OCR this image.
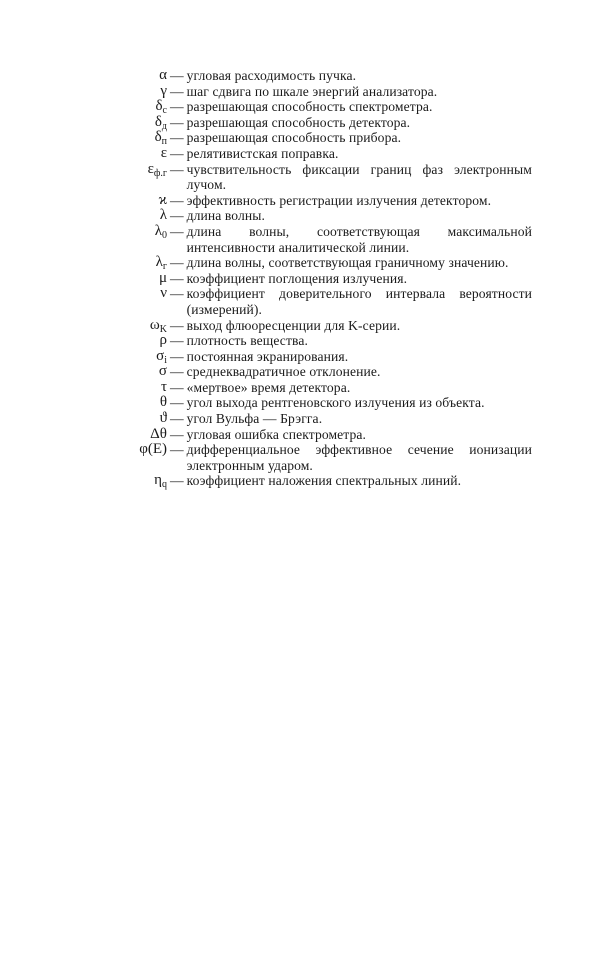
α — угловая расходимость пучка.
γ — шаг сдвига по шкале энергий анализатора.
$\delta_с$ — разрешающая способность спектрометра.
$\delta_д$ — разрешающая способность детектора.
$\delta_п$ — разрешающая способность прибора.
ε — релятивистская поправка.
$\varepsilon_{ф.г}$ — чувствительность фиксации границ фаз электронным лучом.
ϰ — эффективность регистрации излучения детектором.
λ — длина волны.
$\lambda_0$ — длина волны, соответствующая максимальной интенсивности аналитической линии.
$\lambda_г$ — длина волны, соответствующая граничному значению.
μ — коэффициент поглощения излучения.
ν — коэффициент доверительного интервала вероятности (измерений).
$\omega_K$ — выход флюоресценции для K-серии.
ρ — плотность вещества.
$\sigma_i$ — постоянная экранирования.
σ — среднеквадратичное отклонение.
τ — «мертвое» время детектора.
θ — угол выхода рентгеновского излучения из объекта.
ϑ — угол Вульфа — Брэгга.
Δθ — угловая ошибка спектрометра.
φ(E) — дифференциальное эффективное сечение ионизации электронным ударом.
$\eta_q$ — коэффициент наложения спектральных линий.
